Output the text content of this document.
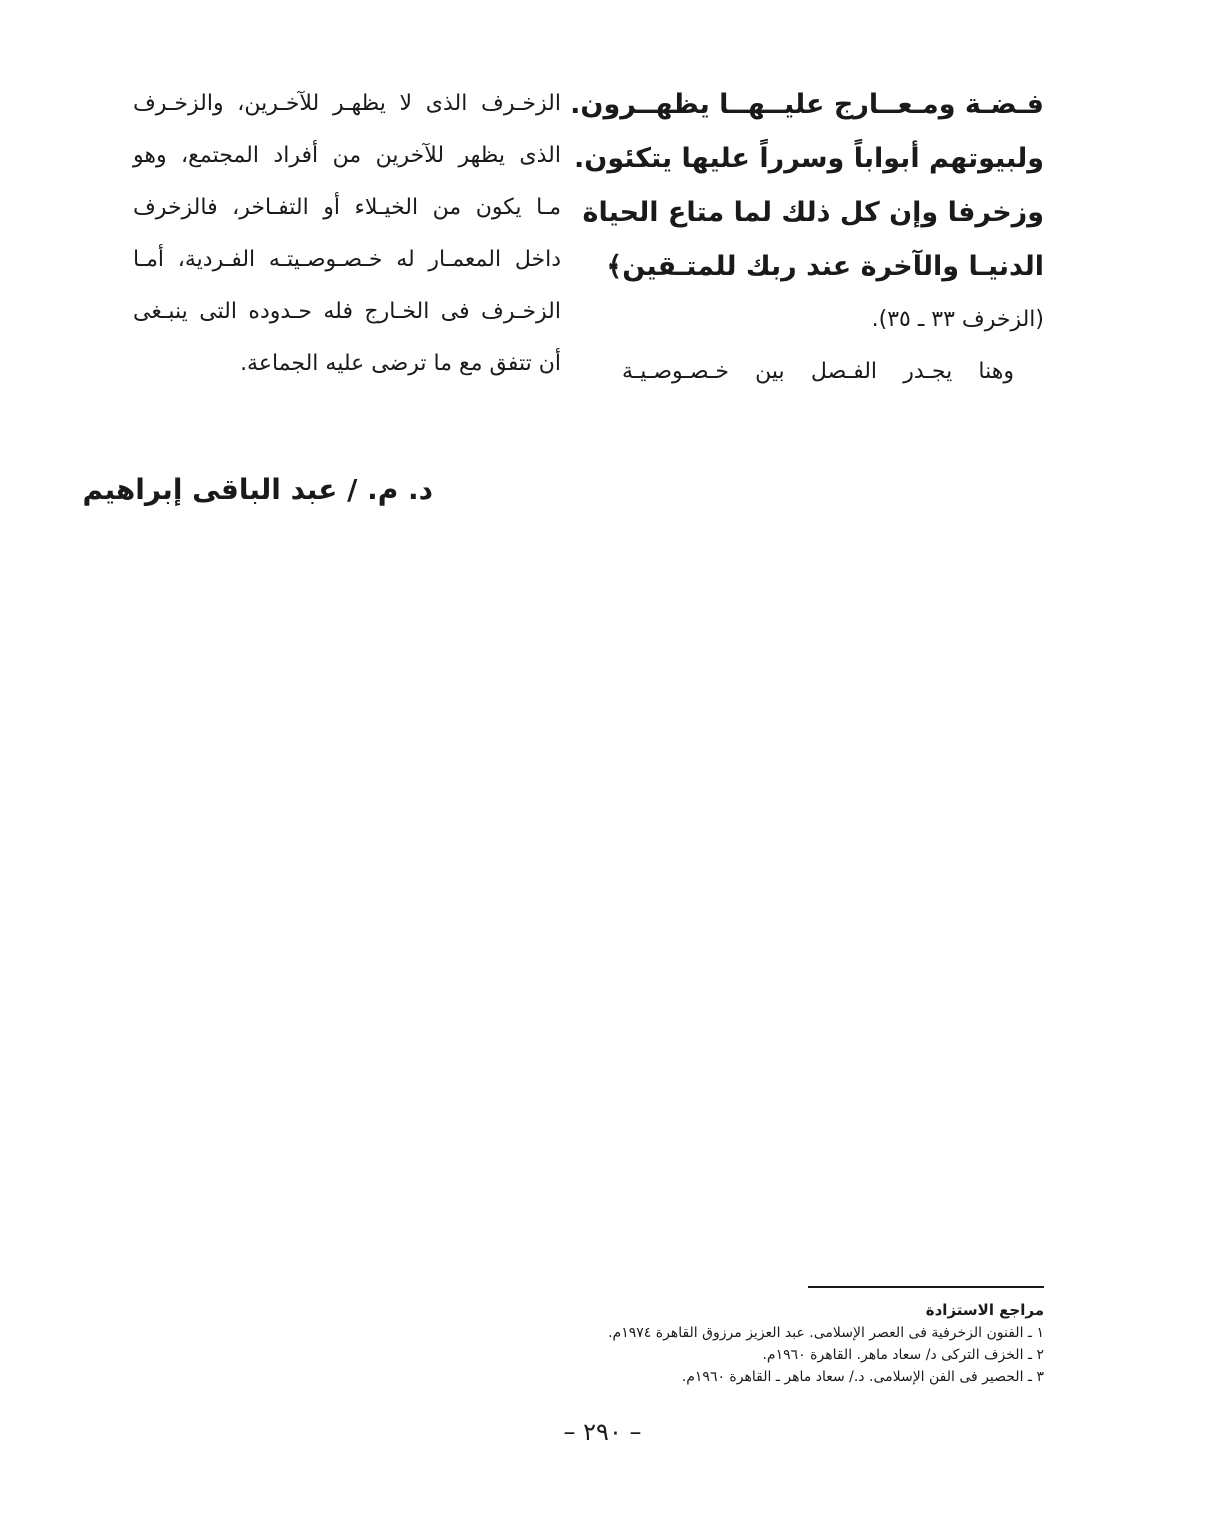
فـضـة ومـعــارج عليــهــا يظهــرون.
ولبيوتهم أبواباً وسرراً عليها يتكئون.
وزخرفا وإن كل ذلك لما متاع الحياة
الدنيـا والآخرة عند ربك للمتـقين﴾
(الزخرف ٣٣ ـ ٣٥).
وهنا يجـدر الفـصل بين خـصـوصـيـة
الزخـرف الذى لا يظهـر للآخـرين، والزخـرف
الذى يظهر للآخرين من أفراد المجتمع، وهو
مـا يكون من الخيـلاء أو التفـاخر، فالزخرف
داخل المعمـار له خـصـوصـيتـه الفـردية، أمـا
الزخـرف فى الخـارج فله حـدوده التى ينبـغى
أن تتفق مع ما ترضى عليه الجماعة.
د. م. / عبد الباقى إبراهيم
مراجع الاستزادة
١ ـ الفنون الزخرفية فى العصر الإسلامى. عبد العزيز مرزوق القاهرة ١٩٧٤م.
٢ ـ الخزف التركى د/ سعاد ماهر. القاهرة ١٩٦٠م.
٣ ـ الحصير فى الفن الإسلامى. د./ سعاد ماهر ـ القاهرة ١٩٦٠م.
– ٢٩٠ –
